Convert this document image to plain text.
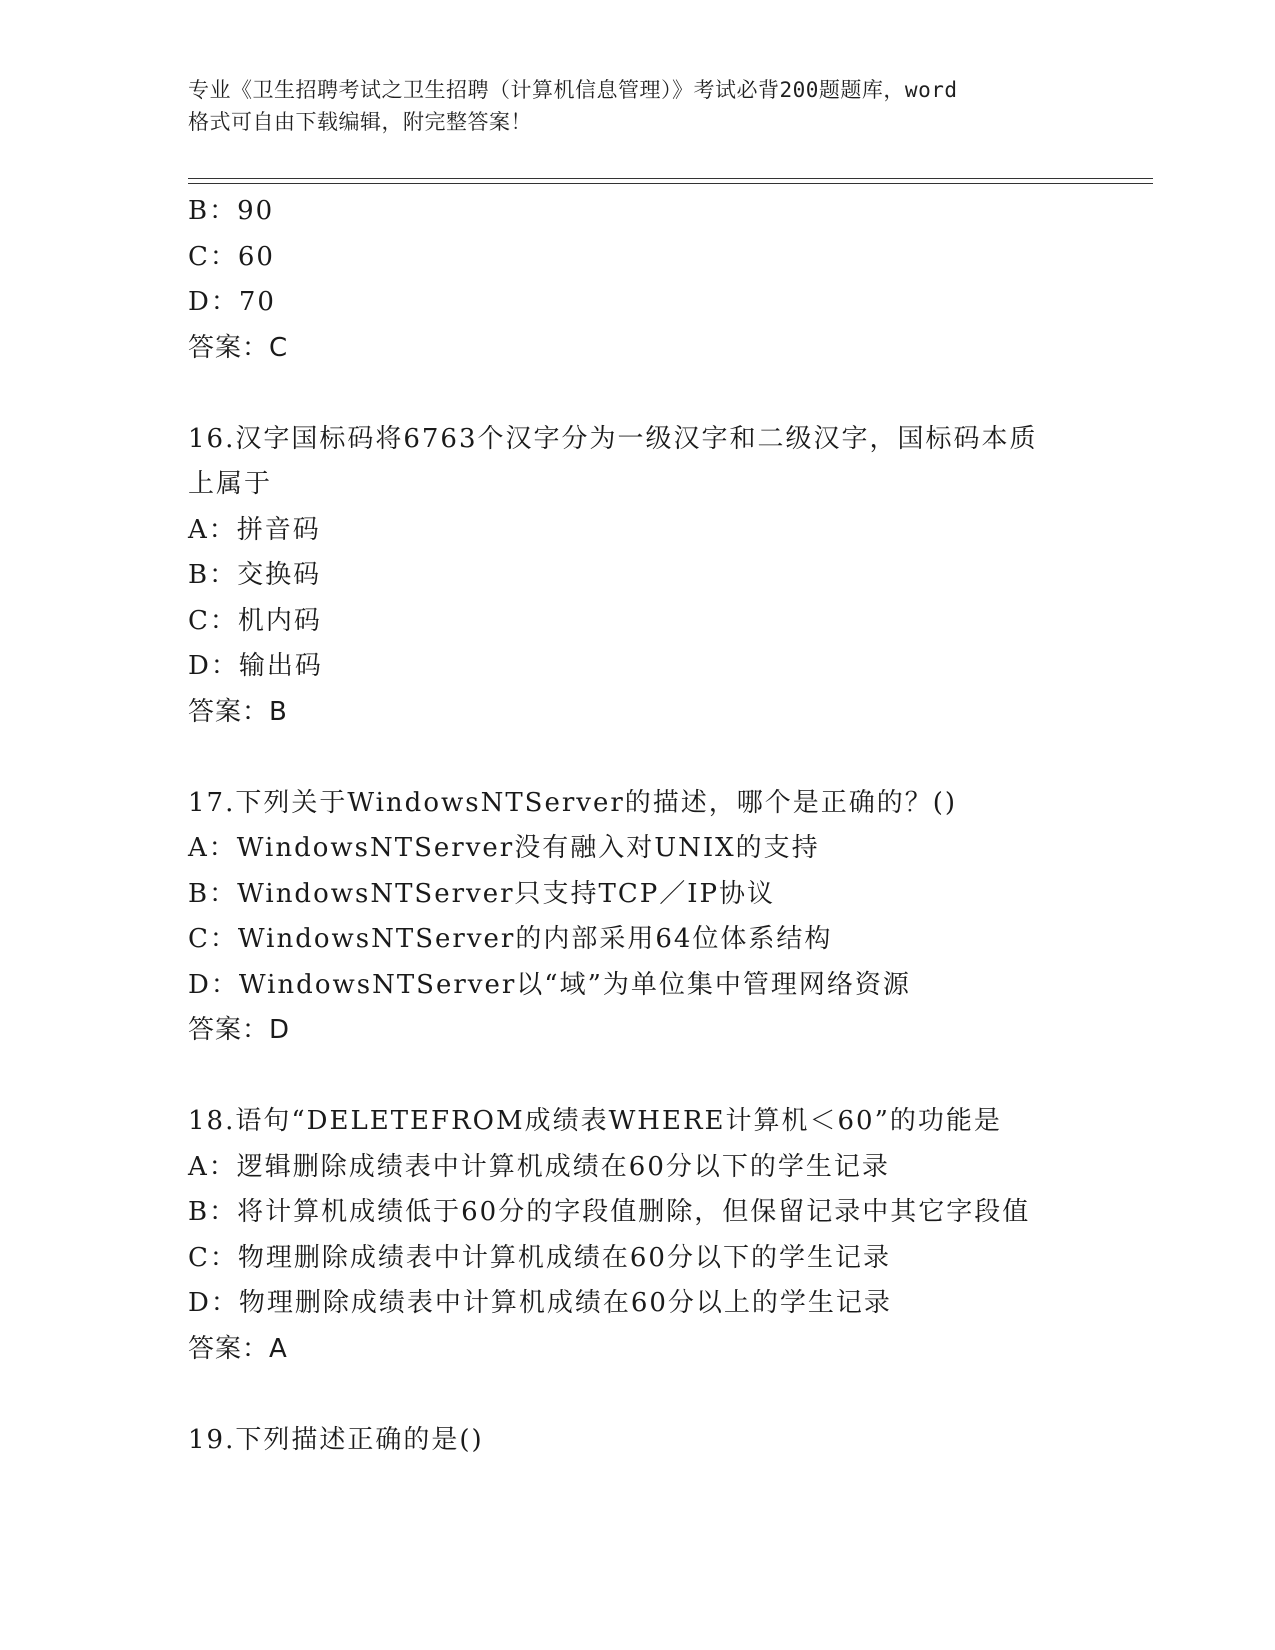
专业《卫生招聘考试之卫生招聘（计算机信息管理）》考试必背200题题库，word
格式可自由下载编辑，附完整答案！
B：90
C：60
D：70
答案：C
16.汉字国标码将6763个汉字分为一级汉字和二级汉字，国标码本质
上属于
A：拼音码
B：交换码
C：机内码
D：输出码
答案：B
17.下列关于WindowsNTServer的描述，哪个是正确的？()
A：WindowsNTServer没有融入对UNIX的支持
B：WindowsNTServer只支持TCP／IP协议
C：WindowsNTServer的内部采用64位体系结构
D：WindowsNTServer以“域”为单位集中管理网络资源
答案：D
18.语句“DELETEFROM成绩表WHERE计算机＜60”的功能是
A：逻辑删除成绩表中计算机成绩在60分以下的学生记录
B：将计算机成绩低于60分的字段值删除，但保留记录中其它字段值
C：物理删除成绩表中计算机成绩在60分以下的学生记录
D：物理删除成绩表中计算机成绩在60分以上的学生记录
答案：A
19.下列描述正确的是()
